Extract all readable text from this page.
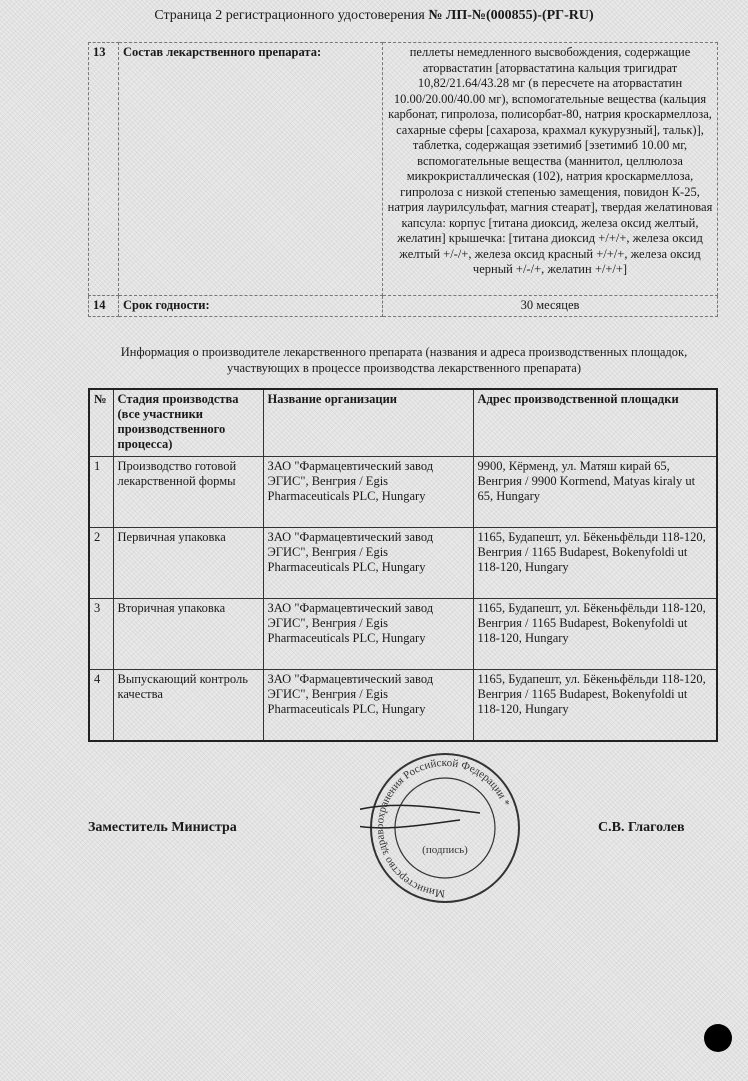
Страница 2 регистрационного удостоверения № ЛП-№(000855)-(РГ-RU)
13	Состав лекарственного препарата:	пеллеты немедленного высвобождения, содержащие аторвастатин [аторвастатина кальция тригидрат 10,82/21.64/43.28 мг (в пересчете на аторвастатин 10.00/20.00/40.00 мг), вспомогательные вещества (кальция карбонат, гипролоза, полисорбат-80, натрия кроскармеллоза, сахарные сферы [сахароза, крахмал кукурузный], тальк)], таблетка, содержащая эзетимиб [эзетимиб 10.00 мг, вспомогательные вещества (маннитол, целлюлоза микрокристаллическая (102), натрия кроскармеллоза, гипролоза с низкой степенью замещения, повидон К-25, натрия лаурилсульфат, магния стеарат], твердая желатиновая капсула: корпус [титана диоксид, железа оксид желтый, желатин] крышечка: [титана диоксид +/+/+, железа оксид желтый +/-/+, железа оксид красный +/+/+, железа оксид черный +/-/+, желатин +/+/+]
14	Срок годности:	30 месяцев
Информация о производителе лекарственного препарата (названия и адреса производственных площадок, участвующих в процессе производства лекарственного препарата)
№	Стадия производства (все участники производственного процесса)	Название организации	Адрес производственной площадки
1	Производство готовой лекарственной формы	ЗАО "Фармацевтический завод ЭГИС", Венгрия / Egis Pharmaceuticals PLC, Hungary	9900, Кёрменд, ул. Матяш кирай 65, Венгрия / 9900 Kormend, Matyas kiraly ut 65, Hungary
2	Первичная упаковка	ЗАО "Фармацевтический завод ЭГИС", Венгрия / Egis Pharmaceuticals PLC, Hungary	1165, Будапешт, ул. Бёкеньфёльди 118-120, Венгрия / 1165 Budapest, Bokenyfoldi ut 118-120, Hungary
3	Вторичная упаковка	ЗАО "Фармацевтический завод ЭГИС", Венгрия / Egis Pharmaceuticals PLC, Hungary	1165, Будапешт, ул. Бёкеньфёльди 118-120, Венгрия / 1165 Budapest, Bokenyfoldi ut 118-120, Hungary
4	Выпускающий контроль качества	ЗАО "Фармацевтический завод ЭГИС", Венгрия / Egis Pharmaceuticals PLC, Hungary	1165, Будапешт, ул. Бёкеньфёльди 118-120, Венгрия / 1165 Budapest, Bokenyfoldi ut 118-120, Hungary
Заместитель Министра
Министерство здравоохранения Российской Федерации *
(подпись)
С.В. Глаголев
